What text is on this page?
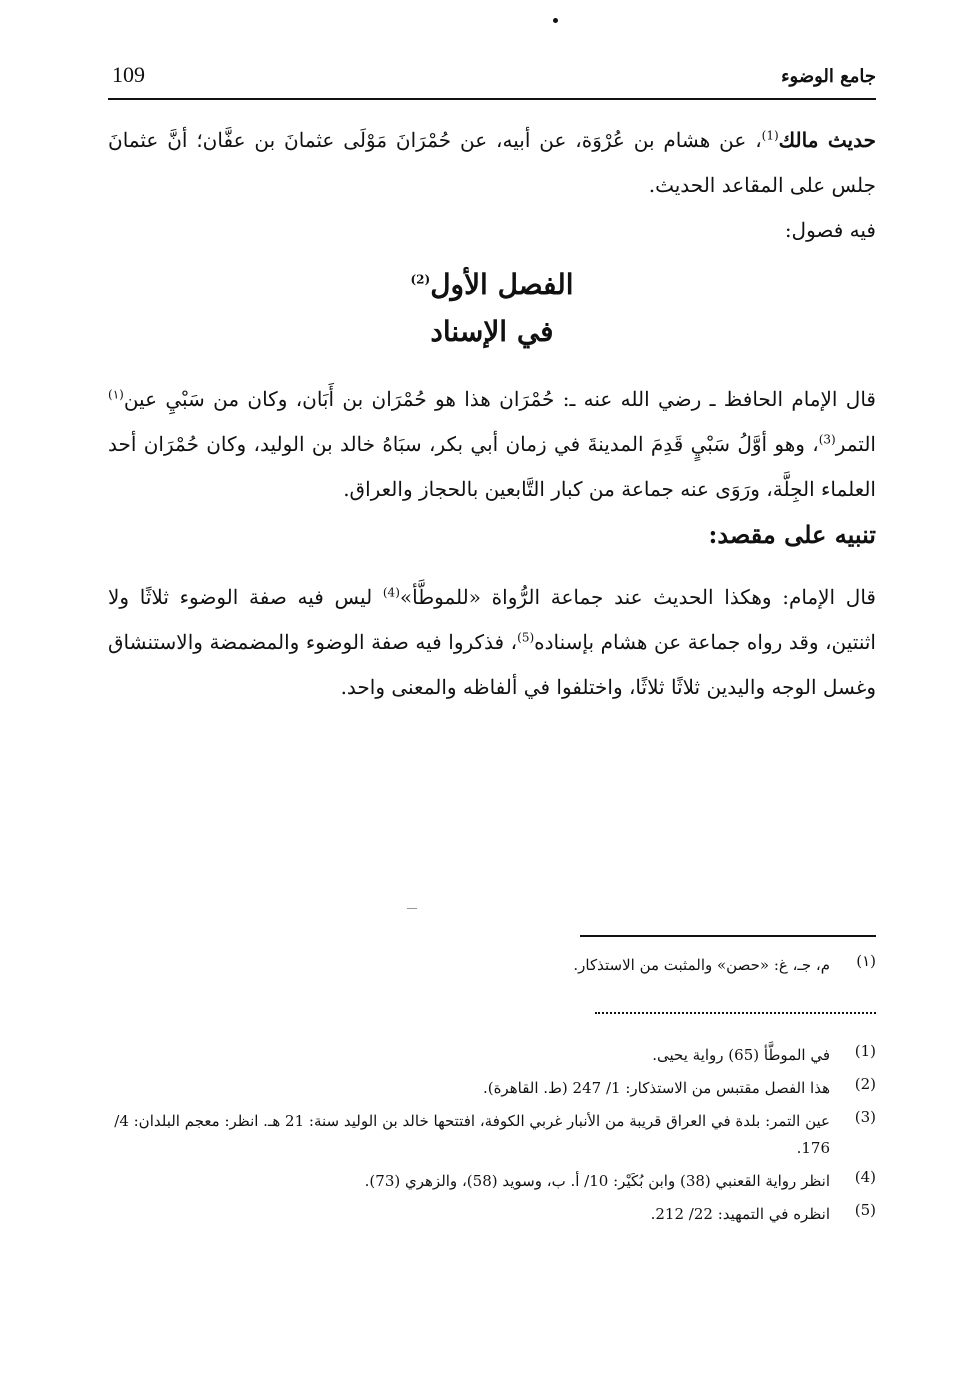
109	جامع الوضوء

حديث مالك$^{(1)}$، عن هشام بن عُرْوَة، عن أبيه، عن حُمْرَانَ مَوْلَى عثمانَ بن عفَّان؛ أنَّ عثمانَ جلس على المقاعد الحديث.

فيه فصول:

الفصل الأول$^{(2)}$
في الإسناد

قال الإمام الحافظ ـ رضي الله عنه ـ: حُمْرَان هذا هو حُمْرَان بن أَبَان، وكان من سَبْيِ عين$^{(١)}$ التمر$^{(3)}$، وهو أوَّلُ سَبْيٍ قَدِمَ المدينةَ في زمان أبي بكر، سبَاهُ خالد بن الوليد، وكان حُمْرَان أحد العلماء الجِلَّة، ورَوَى عنه جماعة من كبار التَّابعين بالحجاز والعراق.

تنبيه على مقصد:

قال الإمام: وهكذا الحديث عند جماعة الرُّواة «للموطَّأ»$^{(4)}$ ليس فيه صفة الوضوء ثلاثًا ولا اثنتين، وقد رواه جماعة عن هشام بإسناده$^{(5)}$، فذكروا فيه صفة الوضوء والمضمضة والاستنشاق وغسل الوجه واليدين ثلاثًا ثلاثًا، واختلفوا في ألفاظه والمعنى واحد.

(١)
م، جـ، غ: «حصن» والمثبت من الاستذكار.
(1)
في الموطَّأ (65) رواية يحيى.
(2)
هذا الفصل مقتبس من الاستذكار: 1/ 247 (ط. القاهرة).
(3)
عين التمر: بلدة في العراق قريبة من الأنبار غربي الكوفة، افتتحها خالد بن الوليد سنة: 21 هـ. انظر: معجم البلدان: 4/ 176.
(4)
انظر رواية القعنبي (38) وابن بُكَيْر: 10/ أ. ب، وسويد (58)، والزهري (73).
(5)
انظره في التمهيد: 22/ 212.
